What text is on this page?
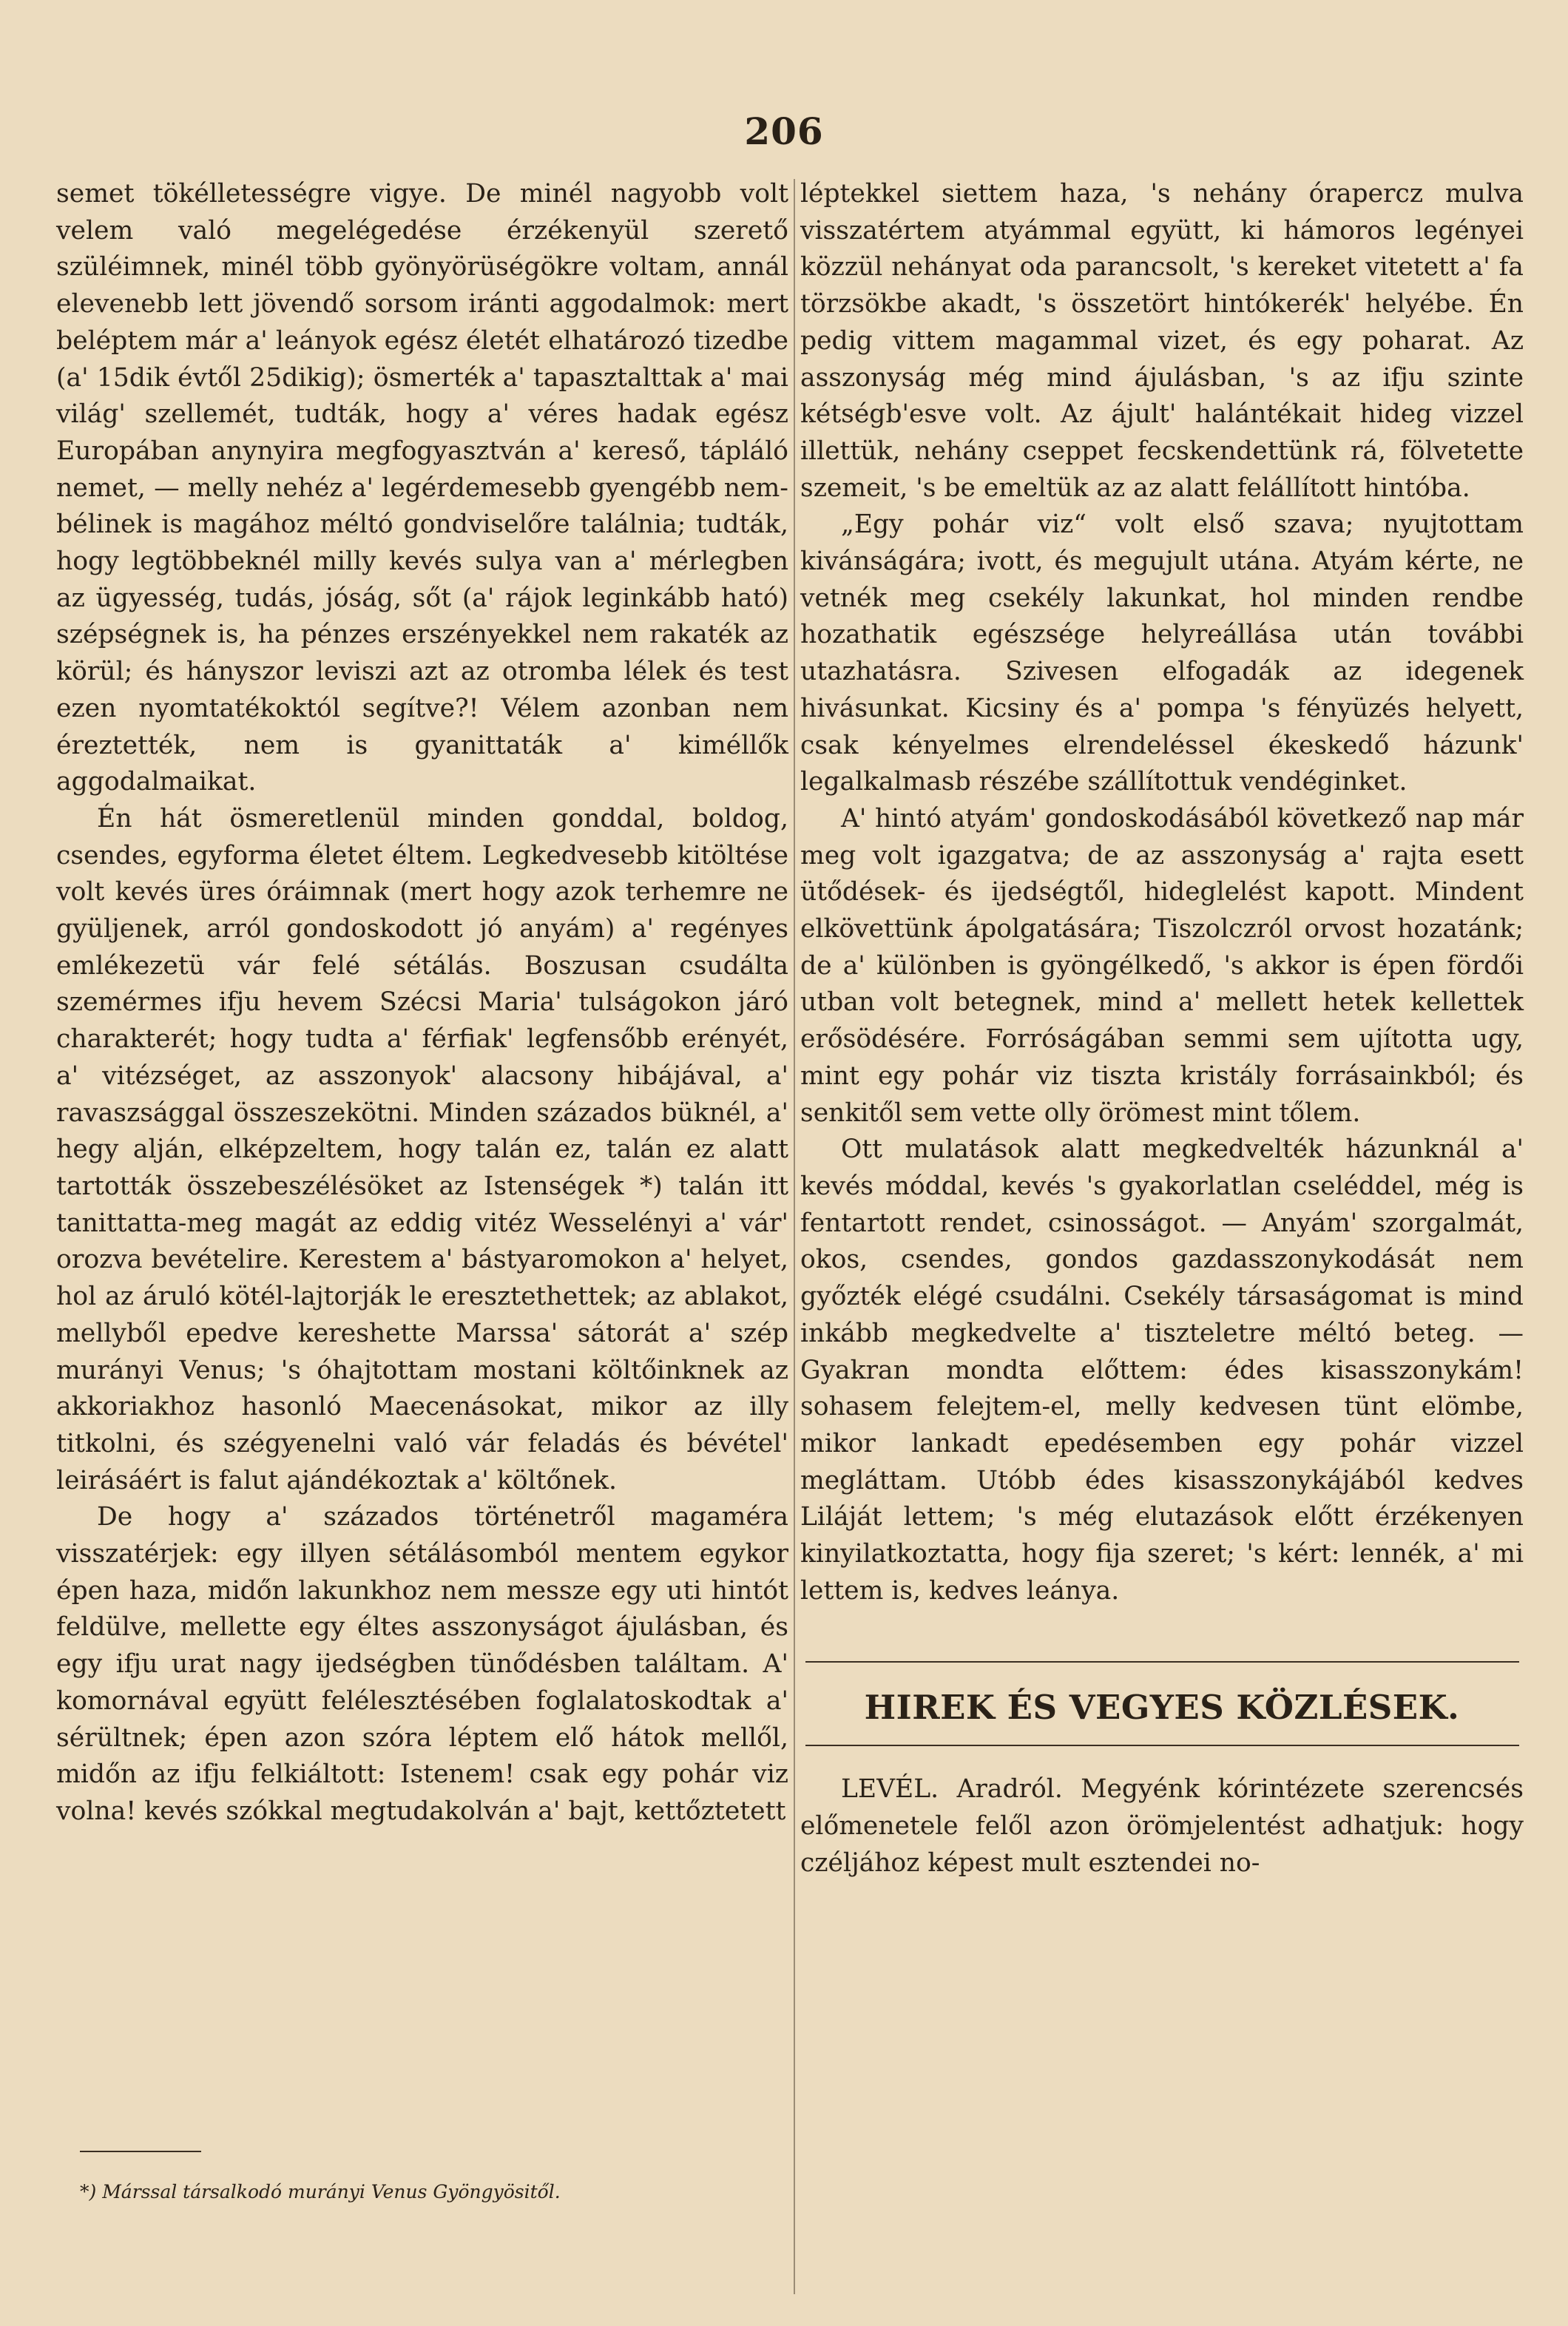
206

semet tökélletességre vigye. De minél nagyobb volt velem való megelégedése érzékenyül szerető szüléimnek, minél több gyönyörüségökre voltam, annál elevenebb lett jövendő sorsom iránti aggodalmok: mert beléptem már a' leányok egész életét elhatározó tizedbe (a' 15dik évtől 25dikig); ösmerték a' tapasztalttak a' mai világ' szellemét, tudták, hogy a' véres hadak egész Europában anynyira megfogyasztván a' kereső, tápláló nemet, — melly nehéz a' legérdemesebb gyengébb nem-bélinek is magához méltó gondviselőre találnia; tudták, hogy legtöbbeknél milly kevés sulya van a' mérlegben az ügyesség, tudás, jóság, sőt (a' rájok leginkább ható) szépségnek is, ha pénzes erszényekkel nem rakaték az körül; és hányszor leviszi azt az otromba lélek és test ezen nyomtatékoktól segítve?! Vélem azonban nem éreztették, nem is gyanittaták a' kiméllők aggodalmaikat.

Én hát ösmeretlenül minden gonddal, boldog, csendes, egyforma életet éltem. Legkedvesebb kitöltése volt kevés üres óráimnak (mert hogy azok terhemre ne gyüljenek, arról gondoskodott jó anyám) a' regényes emlékezetü vár felé sétálás. Boszusan csudálta szemérmes ifju hevem Szécsi Maria' tulságokon járó charakterét; hogy tudta a' férfiak' legfensőbb erényét, a' vitézséget, az asszonyok' alacsony hibájával, a' ravaszsággal összeszekötni. Minden százados büknél, a' hegy alján, elképzeltem, hogy talán ez, talán ez alatt tartották összebeszélésöket az Istenségek *) talán itt tanittatta-meg magát az eddig vitéz Wesselényi a' vár' orozva bevételire. Kerestem a' bástyaromokon a' helyet, hol az áruló kötél-lajtorják le eresztethettek; az ablakot, mellyből epedve kereshette Marssa' sátorát a' szép murányi Venus; 's óhajtottam mostani költőinknek az akkoriakhoz hasonló Maecenásokat, mikor az illy titkolni, és szégyenelni való vár feladás és bévétel' leirásáért is falut ajándékoztak a' költőnek.

De hogy a' százados történetről magaméra visszatérjek: egy illyen sétálásomból mentem egykor épen haza, midőn lakunkhoz nem messze egy uti hintót feldülve, mellette egy éltes asszonyságot ájulásban, és egy ifju urat nagy ijedségben tünődésben találtam. A' komornával együtt felélesztésében foglalatoskodtak a' sérültnek; épen azon szóra léptem elő hátok mellől, midőn az ifju felkiáltott: Istenem! csak egy pohár viz volna! kevés szókkal megtudakolván a' bajt, kettőztetett

léptekkel siettem haza, 's nehány órapercz mulva visszatértem atyámmal együtt, ki hámoros legényei közzül nehányat oda parancsolt, 's kereket vitetett a' fa törzsökbe akadt, 's összetört hintókerék' helyébe. Én pedig vittem magammal vizet, és egy poharat. Az asszonyság még mind ájulásban, 's az ifju szinte kétségb'esve volt. Az ájult' halántékait hideg vizzel illettük, nehány cseppet fecskendettünk rá, fölvetette szemeit, 's be emeltük az az alatt felállított hintóba.

„Egy pohár viz“ volt első szava; nyujtottam kivánságára; ivott, és megujult utána. Atyám kérte, ne vetnék meg csekély lakunkat, hol minden rendbe hozathatik egészsége helyreállása után további utazhatásra. Szivesen elfogadák az idegenek hivásunkat. Kicsiny és a' pompa 's fényüzés helyett, csak kényelmes elrendeléssel ékeskedő házunk' legalkalmasb részébe szállítottuk vendéginket.

A' hintó atyám' gondoskodásából következő nap már meg volt igazgatva; de az asszonyság a' rajta esett ütődések- és ijedségtől, hideglelést kapott. Mindent elkövettünk ápolgatására; Tiszolczról orvost hozatánk; de a' különben is gyöngélkedő, 's akkor is épen fördői utban volt betegnek, mind a' mellett hetek kellettek erősödésére. Forróságában semmi sem ujította ugy, mint egy pohár viz tiszta kristály forrásainkból; és senkitől sem vette olly örömest mint tőlem.

Ott mulatások alatt megkedvelték házunknál a' kevés móddal, kevés 's gyakorlatlan cseléddel, még is fentartott rendet, csinosságot. — Anyám' szorgalmát, okos, csendes, gondos gazdasszonykodását nem győzték elégé csudálni. Csekély társaságomat is mind inkább megkedvelte a' tiszteletre méltó beteg. — Gyakran mondta előttem: édes kisasszonykám! sohasem felejtem-el, melly kedvesen tünt elömbe, mikor lankadt epedésemben egy pohár vizzel megláttam. Utóbb édes kisasszonykájából kedves Liláját lettem; 's még elutazások előtt érzékenyen kinyilatkoztatta, hogy fija szeret; 's kért: lennék, a' mi lettem is, kedves leánya.

HIREK ÉS VEGYES KÖZLÉSEK.

LEVÉL. Aradról. Megyénk kórintézete szerencsés előmenetele felől azon örömjelentést adhatjuk: hogy czéljához képest mult esztendei no-

*) Márssal társalkodó murányi Venus Gyöngyösitől.
